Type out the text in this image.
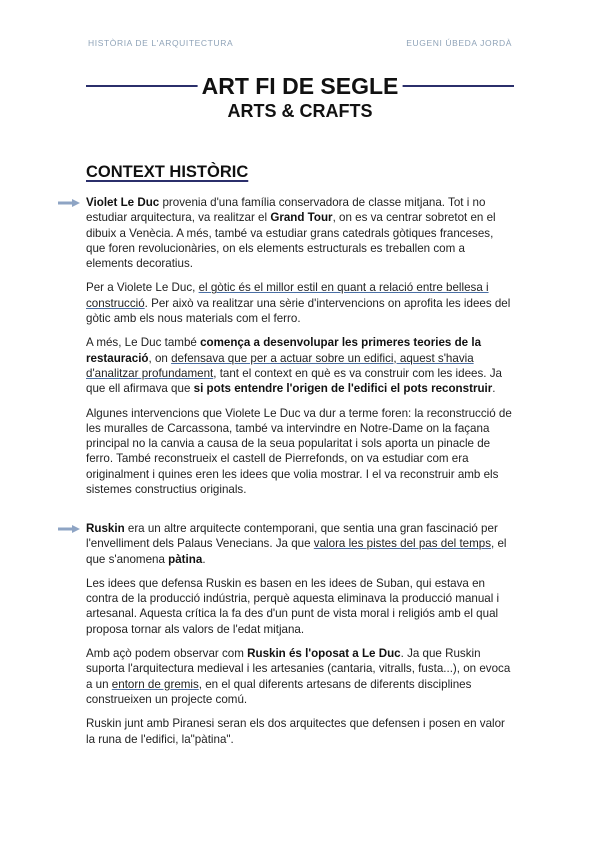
HISTÒRIA DE L'ARQUITECTURA	EUGENI ÚBEDA JORDÀ
ART FI DE SEGLE
ARTS & CRAFTS
CONTEXT HISTÒRIC

Violet Le Duc provenia d'una família conservadora de classe mitjana. Tot i no estudiar arquitectura, va realitzar el Grand Tour, on es va centrar sobretot en el dibuix a Venècia. A més, també va estudiar grans catedrals gòtiques franceses, que foren revolucionàries, on els elements estructurals es treballen com a elements decoratius.

Per a Violete Le Duc, el gòtic és el millor estil en quant a relació entre bellesa i construcció. Per això va realitzar una sèrie d'intervencions on aprofita les idees del gòtic amb els nous materials com el ferro.

A més, Le Duc també comença a desenvolupar les primeres teories de la restauració, on defensava que per a actuar sobre un edifici, aquest s'havia d'analitzar profundament, tant el context en què es va construir com les idees. Ja que ell afirmava que si pots entendre l'origen de l'edifici el pots reconstruir.

Algunes intervencions que Violete Le Duc va dur a terme foren: la reconstrucció de les muralles de Carcassona, també va intervindre en Notre-Dame on la façana principal no la canvia a causa de la seua popularitat i sols aporta un pinacle de ferro. També reconstrueix el castell de Pierrefonds, on va estudiar com era originalment i quines eren les idees que volia mostrar. I el va reconstruir amb els sistemes constructius originals.

Ruskin era un altre arquitecte contemporani, que sentia una gran fascinació per l'envelliment dels Palaus Venecians. Ja que valora les pistes del pas del temps, el que s'anomena pàtina.

Les idees que defensa Ruskin es basen en les idees de Suban, qui estava en contra de la producció indústria, perquè aquesta eliminava la producció manual i artesanal. Aquesta crítica la fa des d'un punt de vista moral i religiós amb el qual proposa tornar als valors de l'edat mitjana.

Amb açò podem observar com Ruskin és l'oposat a Le Duc. Ja que Ruskin suporta l'arquitectura medieval i les artesanies (cantaria, vitralls, fusta...), on evoca a un entorn de gremis, en el qual diferents artesans de diferents disciplines construeixen un projecte comú.

Ruskin junt amb Piranesi seran els dos arquitectes que defensen i posen en valor la runa de l'edifici, la"pàtina".
